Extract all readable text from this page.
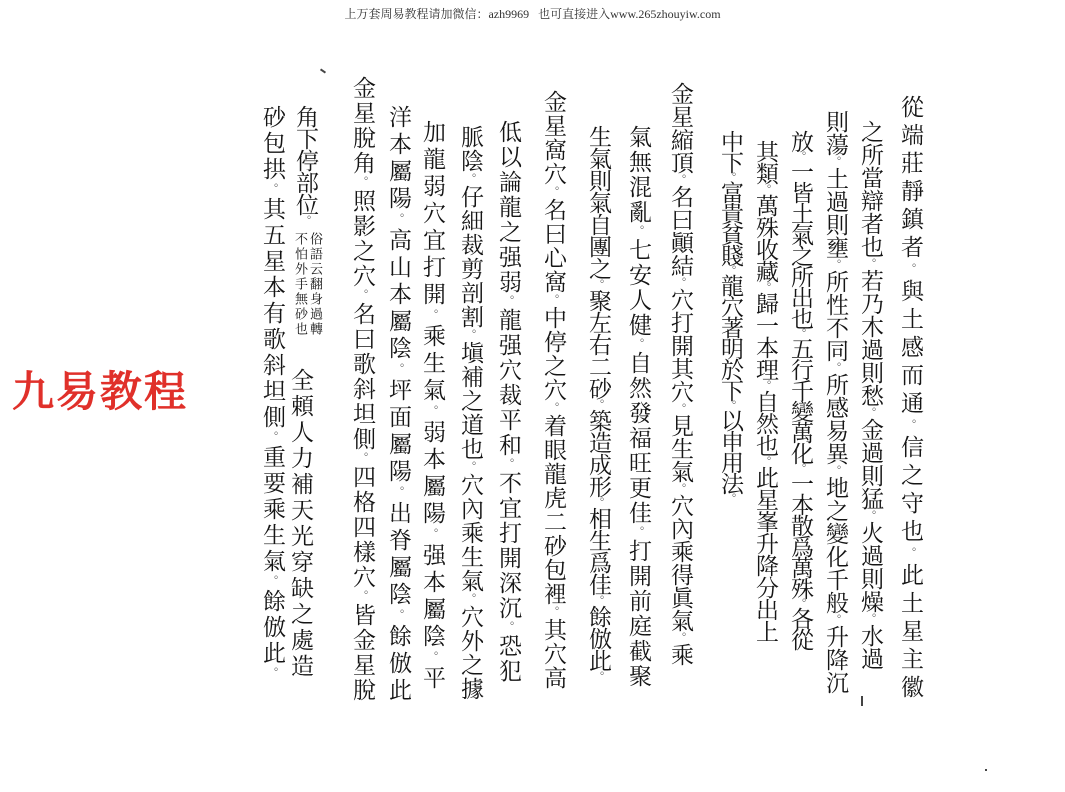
上万套周易教程请加微信：azh9969   也可直接进入www.265zhouyiw.com
九易教程
從端莊靜鎮者。與土感而通。信之守也。此土星主徽
之所當辯者也。若乃木過則愁。金過則猛。火過則燥。水過
則蕩。土過則壅。所性不同。所感易異。地之變化千般。升降沉
放。一皆土氣之所出也。五行千變萬化。一本散爲萬殊。各從
其類。萬殊收藏。歸一本理。自然也。此星峯升降分出上
中下。富貴貧賤。龍穴著明於下。以申用法。
金星縮頂。名曰顚結。穴打開其穴。見生氣。穴內乘得眞氣。乘
氣無混亂。七安人健。自然發福旺更佳。打開前庭截聚
生氣則氣自團之。聚左右二砂。築造成形。相生爲佳。餘倣此。
金星窩穴。名曰心窩。中停之穴。着眼龍虎二砂包裡。其穴高
低以論龍之强弱。龍强穴裁平和。不宜打開深沉。恐犯
脈陰。仔細裁剪剖割。塡補之道也。穴內乘生氣。穴外之據
加龍弱穴宜打開。乘生氣。弱本屬陽。强本屬陰。平
洋本屬陽。高山本屬陰。坪面屬陽。出脊屬陰。餘倣此
金星脫角。照影之穴。名曰歌斜坦側。四格四樣穴。皆金星脫
角下停部位。
俗語云翻身過轉不怕外手無砂也
全頼人力補天光穿缺之處造
砂包拱。其五星本有歌斜坦側。重要乘生氣。餘倣此。
